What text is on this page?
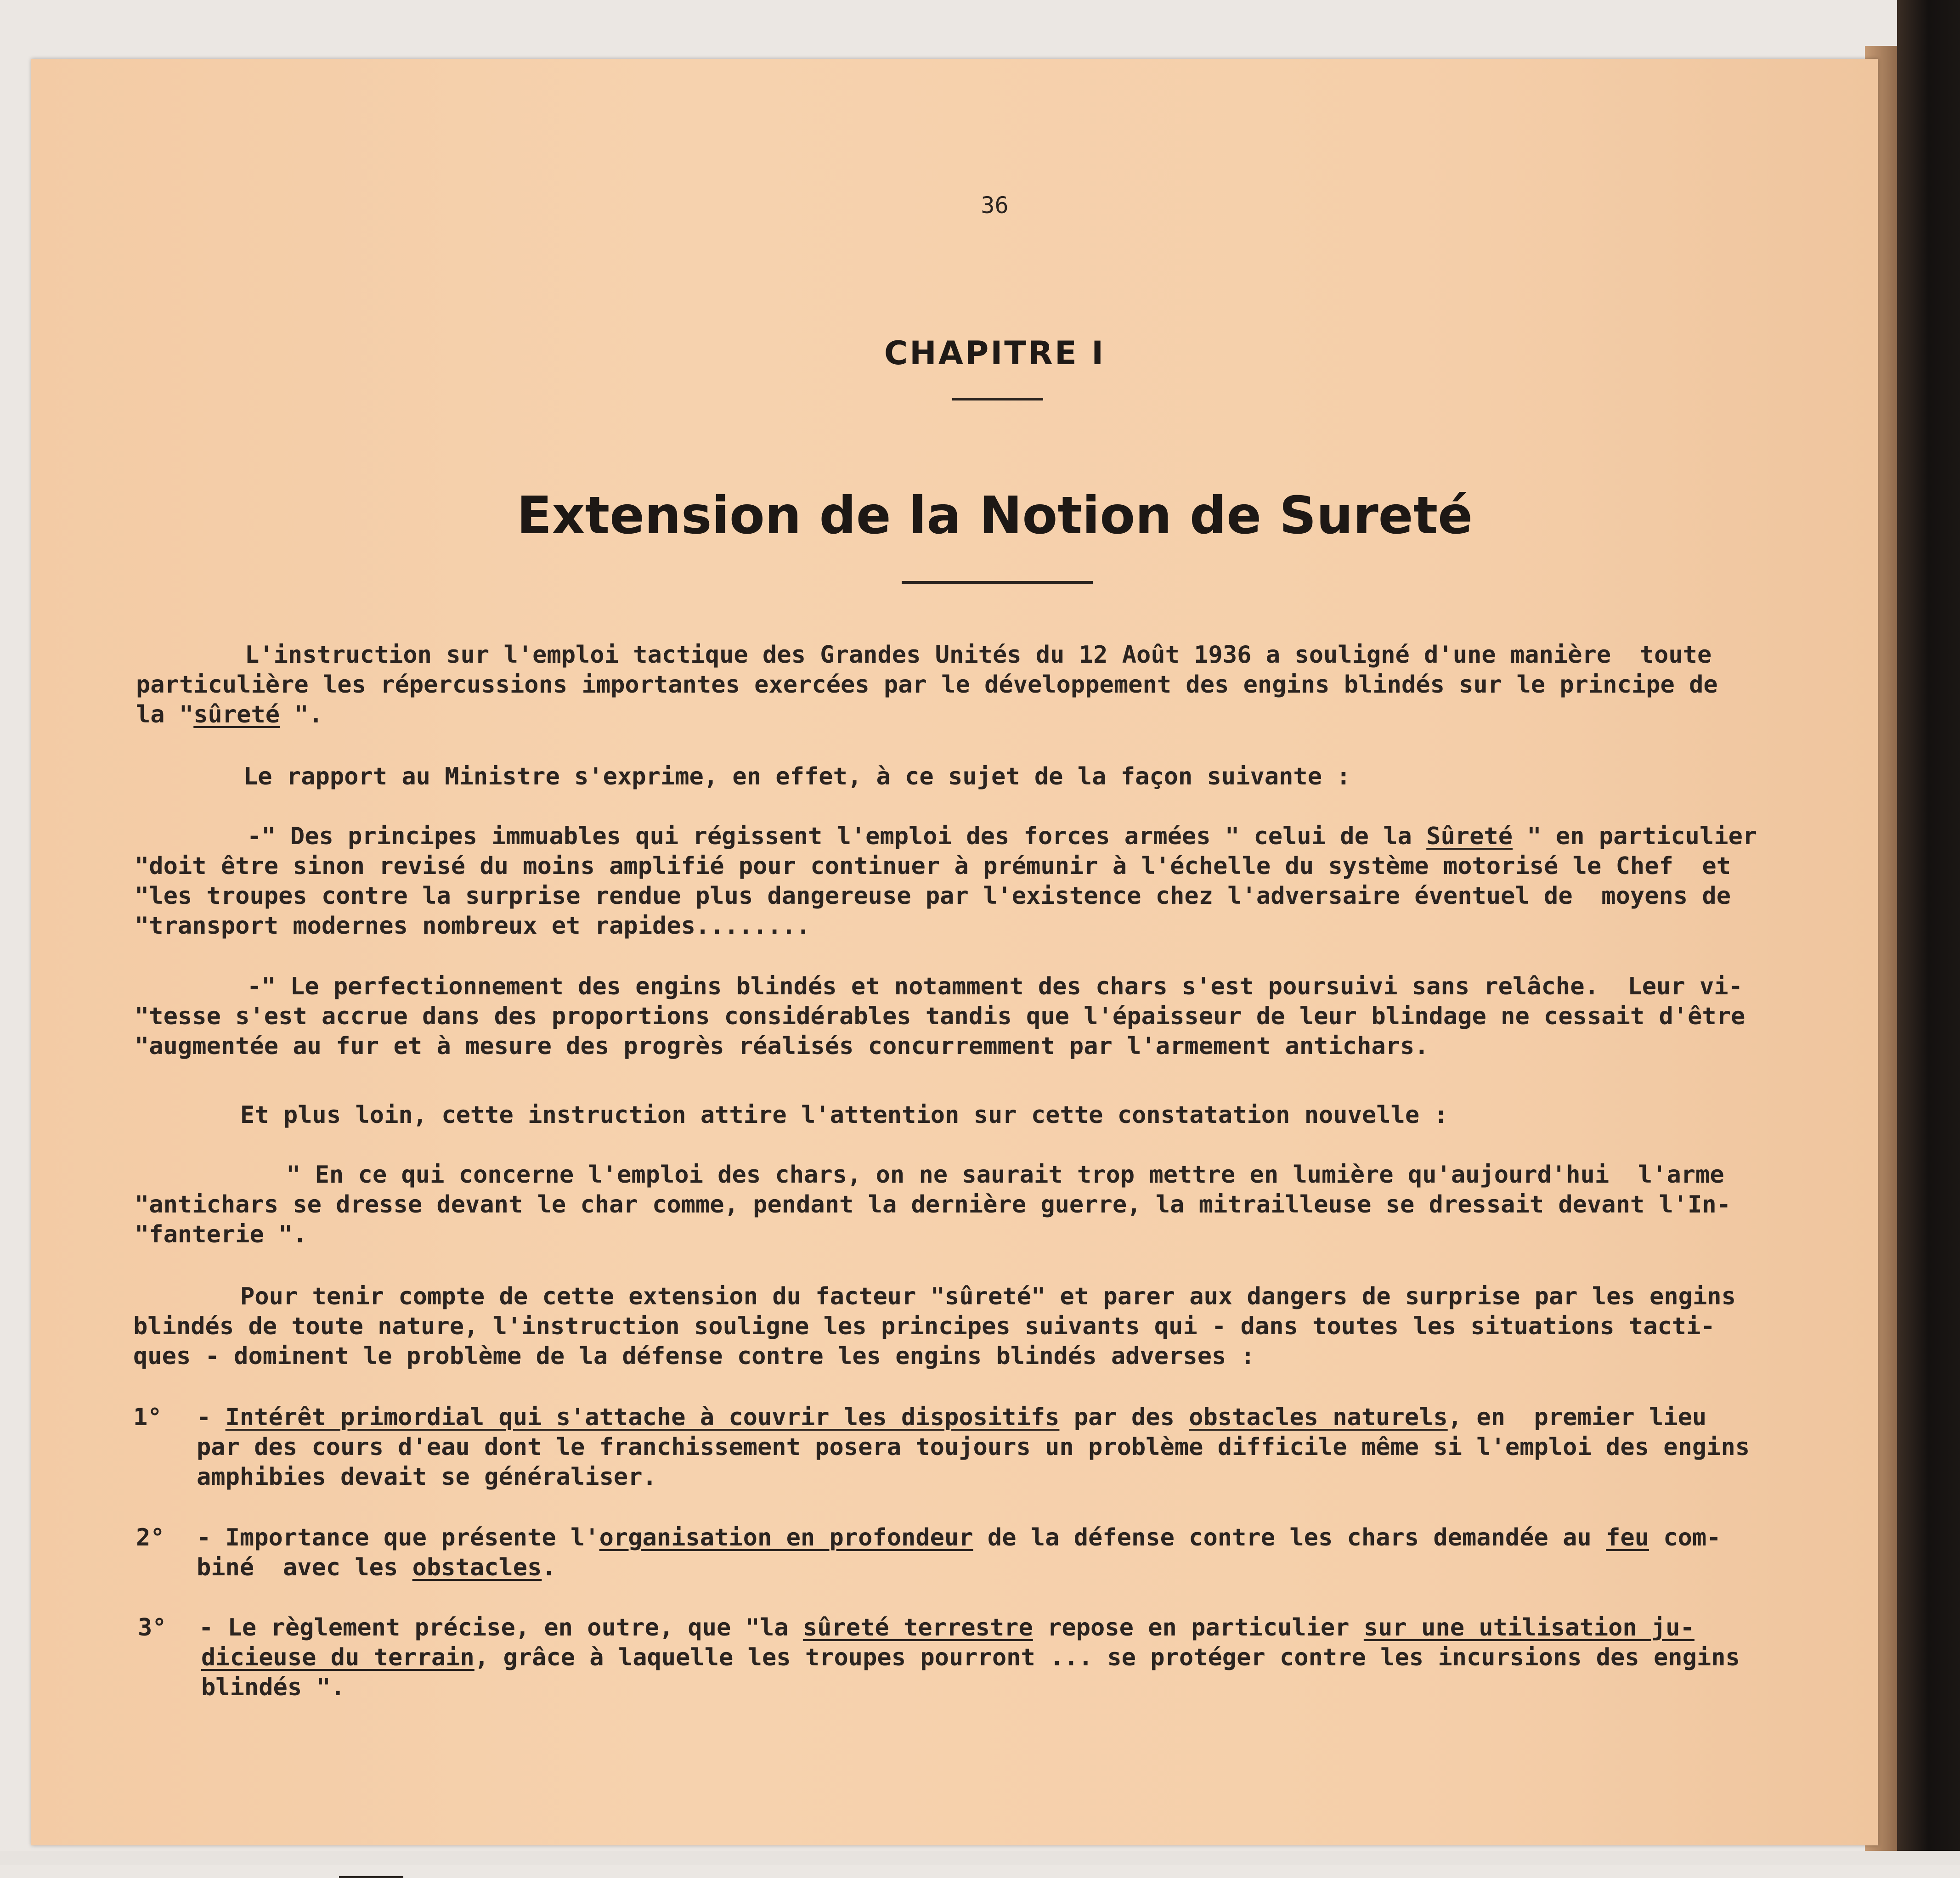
36
CHAPITRE I
Extension de la Notion de Sureté
L'instruction sur l'emploi tactique des Grandes Unités du 12 Août 1936 a souligné d'une manière  toute
particulière les répercussions importantes exercées par le développement des engins blindés sur le principe de
la "sûreté ".
Le rapport au Ministre s'exprime, en effet, à ce sujet de la façon suivante :
-" Des principes immuables qui régissent l'emploi des forces armées " celui de la Sûreté " en particulier
"doit être sinon revisé du moins amplifié pour continuer à prémunir à l'échelle du système motorisé le Chef  et
"les troupes contre la surprise rendue plus dangereuse par l'existence chez l'adversaire éventuel de  moyens de
"transport modernes nombreux et rapides........
-" Le perfectionnement des engins blindés et notamment des chars s'est poursuivi sans relâche.  Leur vi-
"tesse s'est accrue dans des proportions considérables tandis que l'épaisseur de leur blindage ne cessait d'être
"augmentée au fur et à mesure des progrès réalisés concurremment par l'armement antichars.
Et plus loin, cette instruction attire l'attention sur cette constatation nouvelle :
" En ce qui concerne l'emploi des chars, on ne saurait trop mettre en lumière qu'aujourd'hui  l'arme
"antichars se dresse devant le char comme, pendant la dernière guerre, la mitrailleuse se dressait devant l'In-
"fanterie ".
Pour tenir compte de cette extension du facteur "sûreté" et parer aux dangers de surprise par les engins
blindés de toute nature, l'instruction souligne les principes suivants qui - dans toutes les situations tacti-
ques - dominent le problème de la défense contre les engins blindés adverses :
1° - Intérêt primordial qui s'attache à couvrir les dispositifs par des obstacles naturels, en  premier lieu
par des cours d'eau dont le franchissement posera toujours un problème difficile même si l'emploi des engins
amphibies devait se généraliser.
2° - Importance que présente l'organisation en profondeur de la défense contre les chars demandée au feu com-
biné  avec les obstacles.
3° - Le règlement précise, en outre, que "la sûreté terrestre repose en particulier sur une utilisation ju-
dicieuse du terrain, grâce à laquelle les troupes pourront ... se protéger contre les incursions des engins
blindés ".
